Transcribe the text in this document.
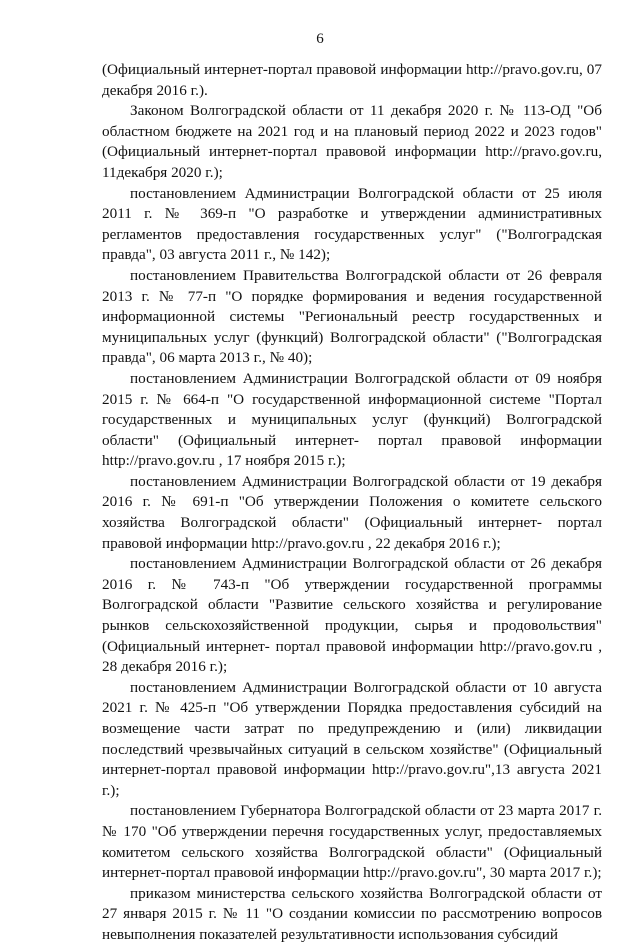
6

(Официальный интернет-портал правовой информации http://pravo.gov.ru, 07 декабря 2016 г.).

Законом Волгоградской области от 11 декабря 2020 г. № 113-ОД "Об областном бюджете на 2021 год и на плановый период 2022 и 2023 годов" (Официальный интернет-портал правовой информации http://pravo.gov.ru, 11декабря 2020 г.);

постановлением Администрации Волгоградской области от 25 июля 2011 г. № 369-п "О разработке и утверждении административных регламентов предоставления государственных услуг" ("Волгоградская правда", 03 августа 2011 г., № 142);

постановлением Правительства Волгоградской области от 26 февраля 2013 г. № 77-п "О порядке формирования и ведения государственной информационной системы "Региональный реестр государственных и муниципальных услуг (функций) Волгоградской области" ("Волгоградская правда", 06 марта 2013 г., № 40);

постановлением Администрации Волгоградской области от 09 ноября 2015 г. № 664-п "О государственной информационной системе "Портал государственных и муниципальных услуг (функций) Волгоградской области" (Официальный интернет- портал правовой информации http://pravo.gov.ru , 17 ноября 2015 г.);

постановлением Администрации Волгоградской области от 19 декабря 2016 г. № 691-п "Об утверждении Положения о комитете сельского хозяйства Волгоградской области" (Официальный интернет- портал правовой информации http://pravo.gov.ru , 22 декабря 2016 г.);

постановлением Администрации Волгоградской области от 26 декабря 2016 г. № 743-п "Об утверждении государственной программы Волгоградской области "Развитие сельского хозяйства и регулирование рынков сельскохозяйственной продукции, сырья и продовольствия" (Официальный интернет- портал правовой информации http://pravo.gov.ru , 28 декабря 2016 г.);

постановлением Администрации Волгоградской области от 10 августа 2021 г. № 425-п "Об утверждении Порядка предоставления субсидий на возмещение части затрат по предупреждению и (или) ликвидации последствий чрезвычайных ситуаций в сельском хозяйстве" (Официальный интернет-портал правовой информации http://pravo.gov.ru",13 августа 2021 г.);

постановлением Губернатора Волгоградской области от 23 марта 2017 г. № 170 "Об утверждении перечня государственных услуг, предоставляемых комитетом сельского хозяйства Волгоградской области" (Официальный интернет-портал правовой информации http://pravo.gov.ru", 30 марта 2017 г.);

приказом министерства сельского хозяйства Волгоградской области от 27 января 2015 г. № 11 "О создании комиссии по рассмотрению вопросов невыполнения показателей результативности использования субсидий
